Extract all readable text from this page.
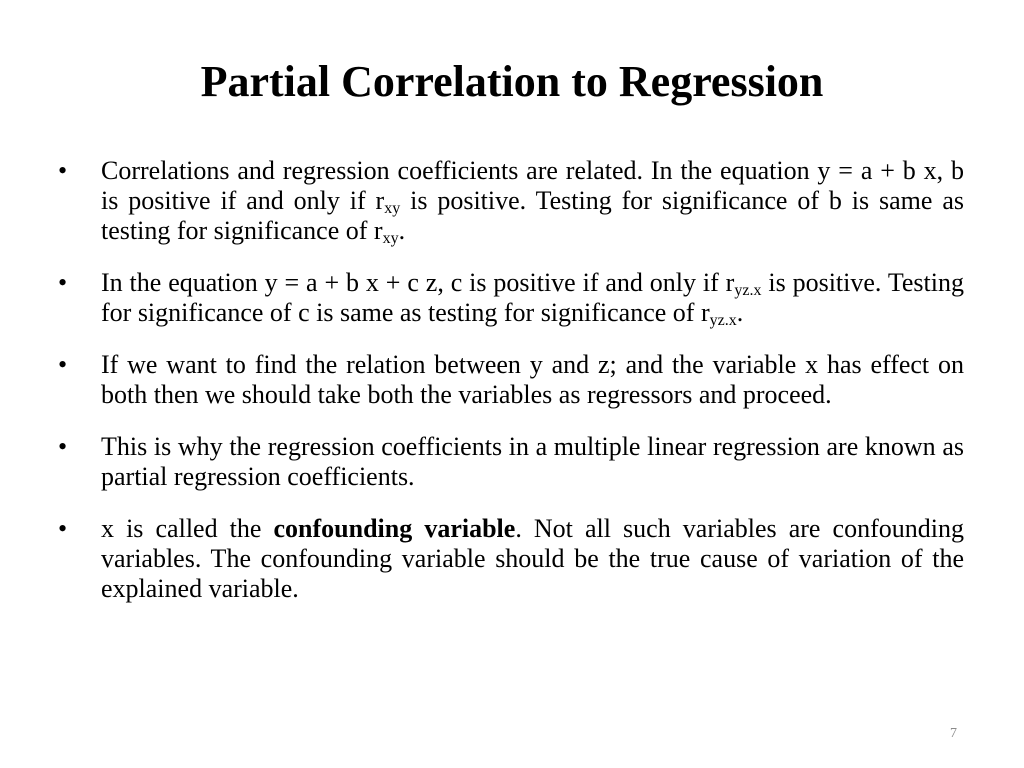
Partial Correlation to Regression
•	Correlations and regression coefficients are related. In the equation y = a + b x, b is positive if and only if $r_{xy}$ is positive. Testing for significance of b is same as testing for significance of $r_{xy}$.
•	In the equation y = a + b x + c z, c is positive if and only if $r_{yz.x}$ is positive. Testing for significance of c is same as testing for significance of $r_{yz.x}$.
•	If we want to find the relation between y and z; and the variable x has effect on both then we should take both the variables as regressors and proceed.
•	This is why the regression coefficients in a multiple linear regression are known as partial regression coefficients.
•	x is called the confounding variable. Not all such variables are confounding variables. The confounding variable should be the true cause of variation of the explained variable.
7
